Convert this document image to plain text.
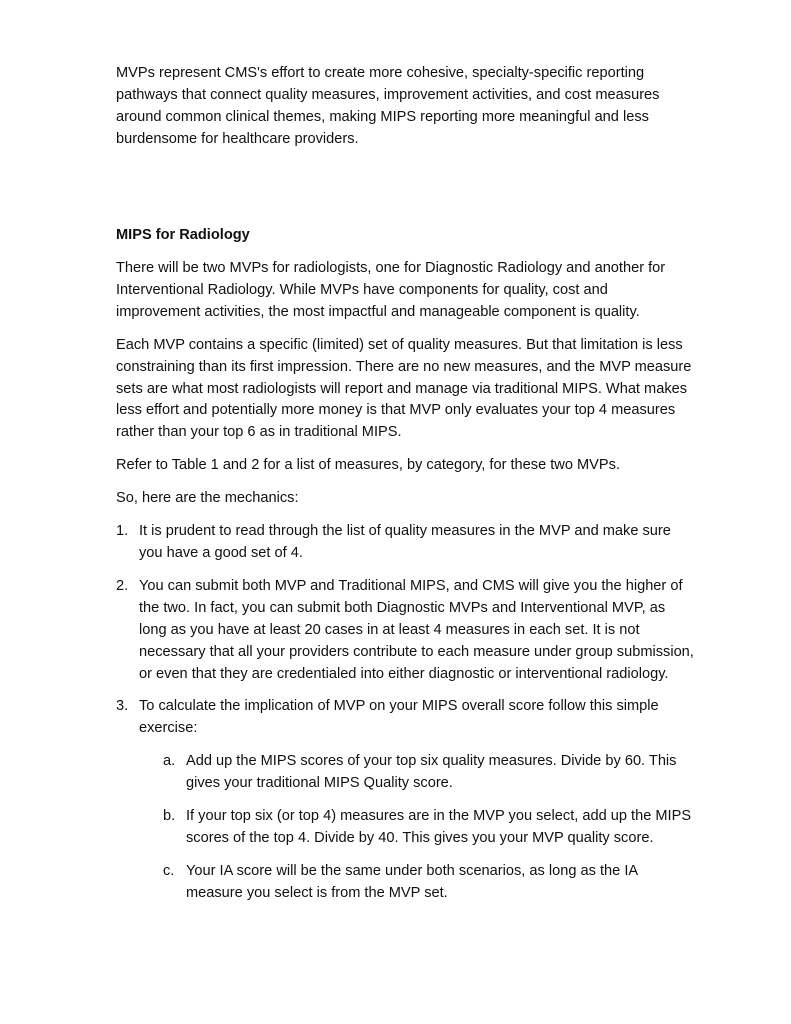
MVPs represent CMS's effort to create more cohesive, specialty-specific reporting pathways that connect quality measures, improvement activities, and cost measures around common clinical themes, making MIPS reporting more meaningful and less burdensome for healthcare providers.

MIPS for Radiology

There will be two MVPs for radiologists, one for Diagnostic Radiology and another for Interventional Radiology. While MVPs have components for quality, cost and improvement activities, the most impactful and manageable component is quality.

Each MVP contains a specific (limited) set of quality measures. But that limitation is less constraining than its first impression. There are no new measures, and the MVP measure sets are what most radiologists will report and manage via traditional MIPS. What makes less effort and potentially more money is that MVP only evaluates your top 4 measures rather than your top 6 as in traditional MIPS.

Refer to Table 1 and 2 for a list of measures, by category, for these two MVPs.

So, here are the mechanics:

1. It is prudent to read through the list of quality measures in the MVP and make sure you have a good set of 4.
2. You can submit both MVP and Traditional MIPS, and CMS will give you the higher of the two. In fact, you can submit both Diagnostic MVPs and Interventional MVP, as long as you have at least 20 cases in at least 4 measures in each set. It is not necessary that all your providers contribute to each measure under group submission, or even that they are credentialed into either diagnostic or interventional radiology.
3. To calculate the implication of MVP on your MIPS overall score follow this simple exercise:
a. Add up the MIPS scores of your top six quality measures. Divide by 60. This gives your traditional MIPS Quality score.
b. If your top six (or top 4) measures are in the MVP you select, add up the MIPS scores of the top 4. Divide by 40. This gives you your MVP quality score.
c. Your IA score will be the same under both scenarios, as long as the IA measure you select is from the MVP set.
